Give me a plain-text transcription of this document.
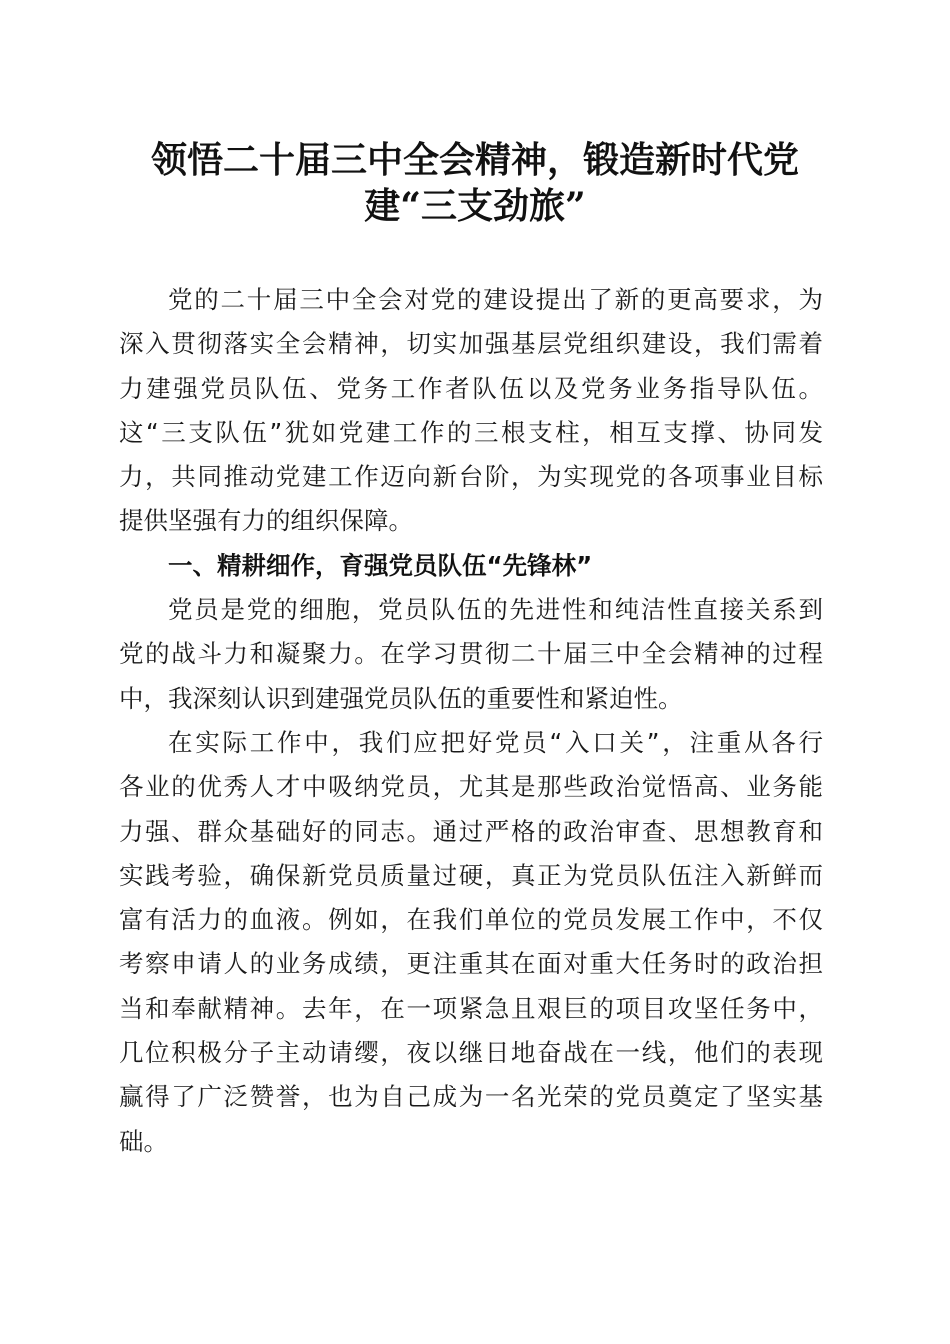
领悟二十届三中全会精神，锻造新时代党
建“三支劲旅”
党的二十届三中全会对党的建设提出了新的更高要求，为
深入贯彻落实全会精神，切实加强基层党组织建设，我们需着
力建强党员队伍、党务工作者队伍以及党务业务指导队伍。
这“三支队伍”犹如党建工作的三根支柱，相互支撑、协同发
力，共同推动党建工作迈向新台阶，为实现党的各项事业目标
提供坚强有力的组织保障。
一、精耕细作，育强党员队伍“先锋林”
党员是党的细胞，党员队伍的先进性和纯洁性直接关系到
党的战斗力和凝聚力。在学习贯彻二十届三中全会精神的过程
中，我深刻认识到建强党员队伍的重要性和紧迫性。
在实际工作中，我们应把好党员“入口关”，注重从各行
各业的优秀人才中吸纳党员，尤其是那些政治觉悟高、业务能
力强、群众基础好的同志。通过严格的政治审查、思想教育和
实践考验，确保新党员质量过硬，真正为党员队伍注入新鲜而
富有活力的血液。例如，在我们单位的党员发展工作中，不仅
考察申请人的业务成绩，更注重其在面对重大任务时的政治担
当和奉献精神。去年，在一项紧急且艰巨的项目攻坚任务中，
几位积极分子主动请缨，夜以继日地奋战在一线，他们的表现
赢得了广泛赞誉，也为自己成为一名光荣的党员奠定了坚实基
础。
